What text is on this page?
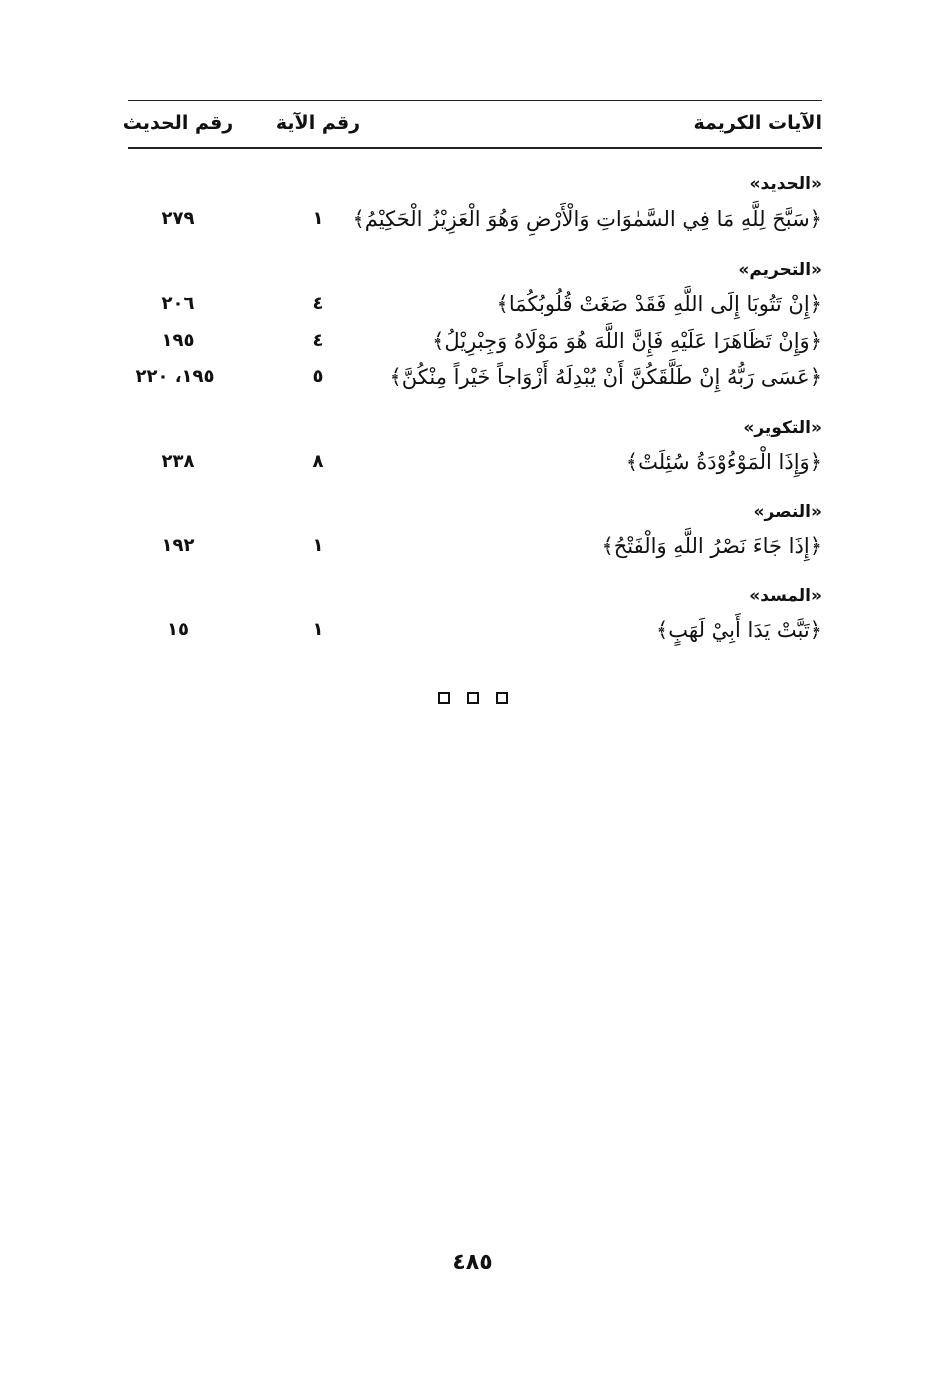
الآيات الكريمة
رقم الآية
رقم الحديث
«الحديد»
﴿سَبَّحَ لِلَّهِ مَا فِي السَّمٰوَاتِ وَالْأَرْضِ وَهُوَ الْعَزِيْزُ الْحَكِيْمُ﴾
١
٢٧٩
«التحريم»
﴿إِنْ تَتُوبَا إِلَى اللَّهِ فَقَدْ صَغَتْ قُلُوبُكُمَا﴾
٤
٢٠٦
﴿وَإِنْ تَظَاهَرَا عَلَيْهِ فَإِنَّ اللَّهَ هُوَ مَوْلَاهُ وَجِبْرِيْلُ﴾
٤
١٩٥
﴿عَسَى رَبُّهُ إِنْ طَلَّقَكُنَّ أَنْ يُبْدِلَهُ أَزْوَاجاً خَيْراً مِنْكُنَّ﴾
٥
١٩٥، ٢٢٠
«التكوير»
﴿وَإِذَا الْمَوْءُوْدَةُ سُئِلَتْ﴾
٨
٢٣٨
«النصر»
﴿إِذَا جَاءَ نَصْرُ اللَّهِ وَالْفَتْحُ﴾
١
١٩٢
«المسد»
﴿تَبَّتْ يَدَا أَبِيْ لَهَبٍ﴾
١
١٥
٤٨٥
